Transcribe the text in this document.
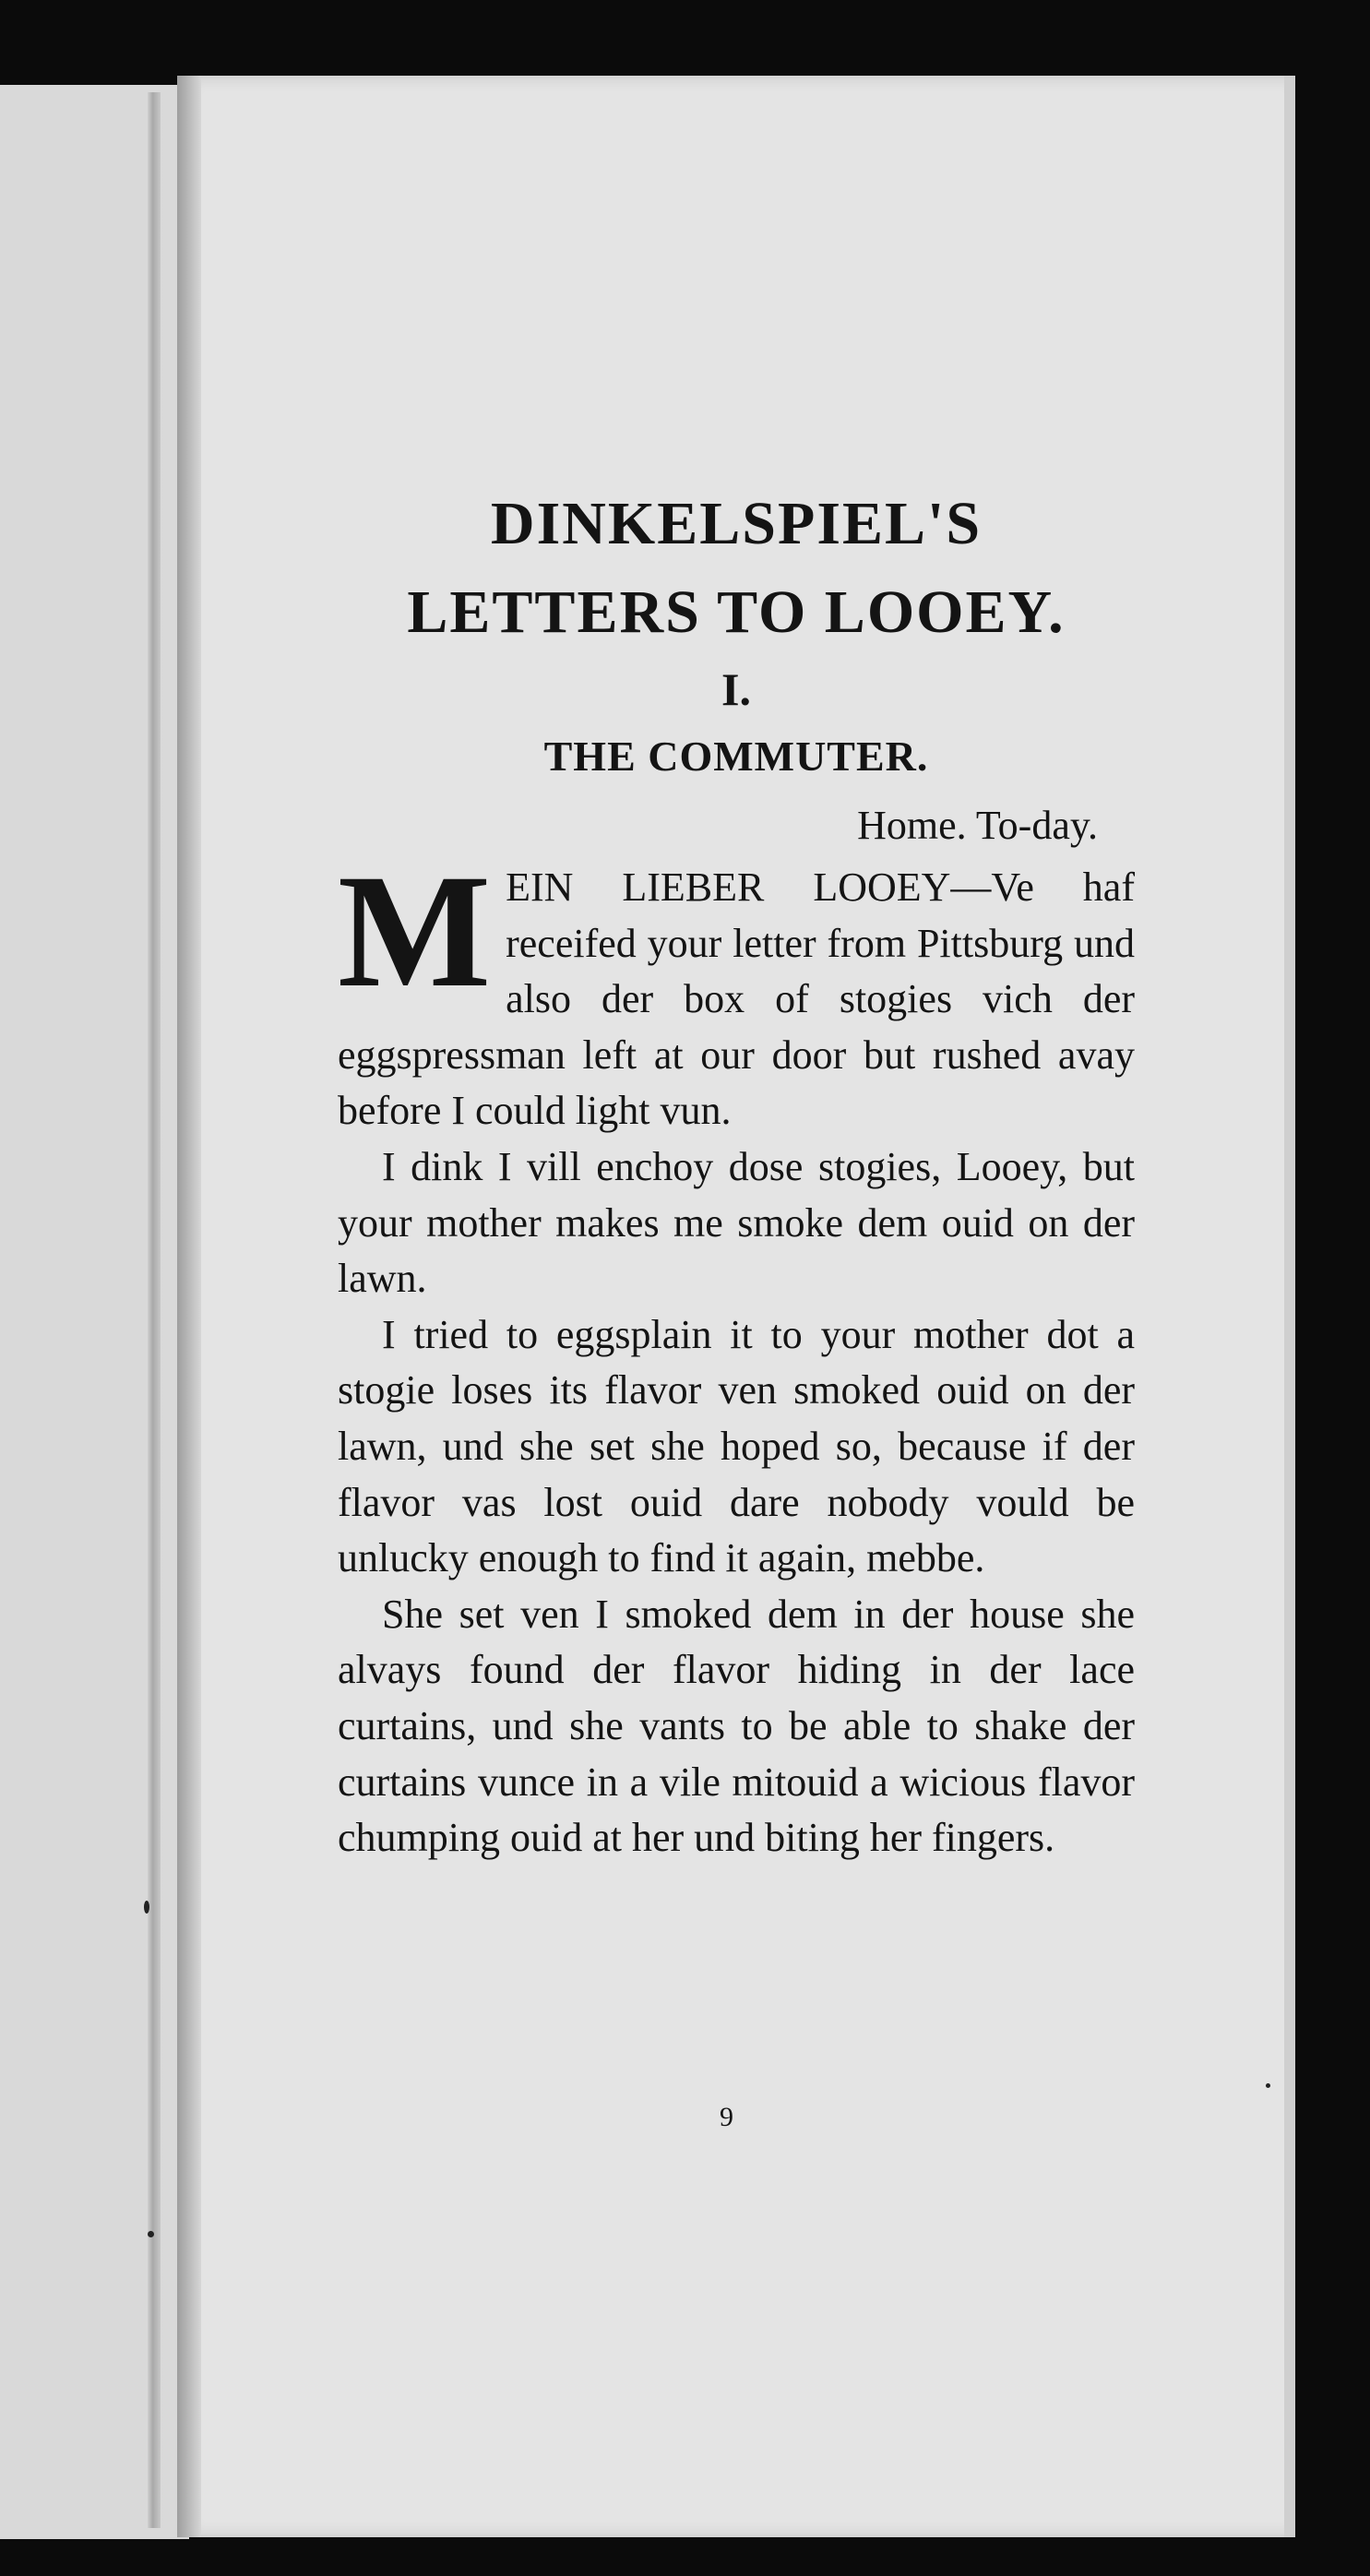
DINKELSPIEL'S
LETTERS TO LOOEY.
I.
THE COMMUTER.

Home. To-day.

M EIN LIEBER LOOEY—Ve haf receifed your letter from Pittsburg und also der box of stogies vich der eggspressman left at our door but rushed avay before I could light vun.

I dink I vill enchoy dose stogies, Looey, but your mother makes me smoke dem ouid on der lawn.

I tried to eggsplain it to your mother dot a stogie loses its flavor ven smoked ouid on der lawn, und she set she hoped so, because if der flavor vas lost ouid dare nobody vould be unlucky enough to find it again, mebbe.

She set ven I smoked dem in der house she alvays found der flavor hiding in der lace curtains, und she vants to be able to shake der curtains vunce in a vile mitouid a wicious flavor chumping ouid at her und biting her fingers.

9
